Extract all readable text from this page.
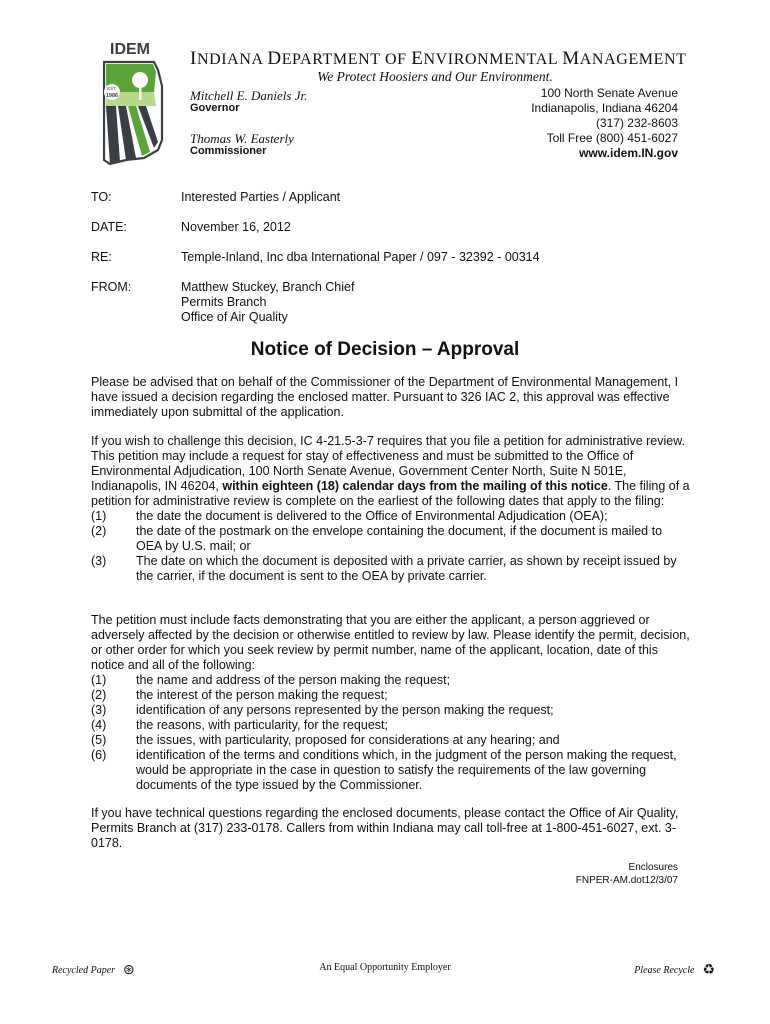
IDEM
EST.
1986
INDIANA DEPARTMENT OF ENVIRONMENTAL MANAGEMENT
We Protect Hoosiers and Our Environment.
Mitchell E. Daniels Jr.
Governor
Thomas W. Easterly
Commissioner
100 North Senate Avenue
Indianapolis, Indiana 46204
(317) 232-8603
Toll Free (800) 451-6027
www.idem.IN.gov
TO:	Interested Parties / Applicant
DATE:	November 16, 2012
RE:	Temple-Inland, Inc dba International Paper / 097 - 32392 - 00314
FROM:	Matthew Stuckey, Branch Chief
Permits Branch
Office of Air Quality
Notice of Decision – Approval

Please be advised that on behalf of the Commissioner of the Department of Environmental Management, I have issued a decision regarding the enclosed matter. Pursuant to 326 IAC 2, this approval was effective immediately upon submittal of the application.

If you wish to challenge this decision, IC 4-21.5-3-7 requires that you file a petition for administrative review. This petition may include a request for stay of effectiveness and must be submitted to the Office of Environmental Adjudication, 100 North Senate Avenue, Government Center North, Suite N 501E, Indianapolis, IN 46204, within eighteen (18) calendar days from the mailing of this notice. The filing of a petition for administrative review is complete on the earliest of the following dates that apply to the filing:

(1) the date the document is delivered to the Office of Environmental Adjudication (OEA);
(2) the date of the postmark on the envelope containing the document, if the document is mailed to OEA by U.S. mail; or
(3) The date on which the document is deposited with a private carrier, as shown by receipt issued by the carrier, if the document is sent to the OEA by private carrier.

The petition must include facts demonstrating that you are either the applicant, a person aggrieved or adversely affected by the decision or otherwise entitled to review by law. Please identify the permit, decision, or other order for which you seek review by permit number, name of the applicant, location, date of this notice and all of the following:

(1) the name and address of the person making the request;
(2) the interest of the person making the request;
(3) identification of any persons represented by the person making the request;
(4) the reasons, with particularity, for the request;
(5) the issues, with particularity, proposed for considerations at any hearing; and
(6) identification of the terms and conditions which, in the judgment of the person making the request, would be appropriate in the case in question to satisfy the requirements of the law governing documents of the type issued by the Commissioner.

If you have technical questions regarding the enclosed documents, please contact the Office of Air Quality, Permits Branch at (317) 233-0178. Callers from within Indiana may call toll-free at 1-800-451-6027, ext. 3-0178.

Enclosures
FNPER-AM.dot12/3/07
Recycled Paper ⊛	An Equal Opportunity Employer	Please Recycle ♻
